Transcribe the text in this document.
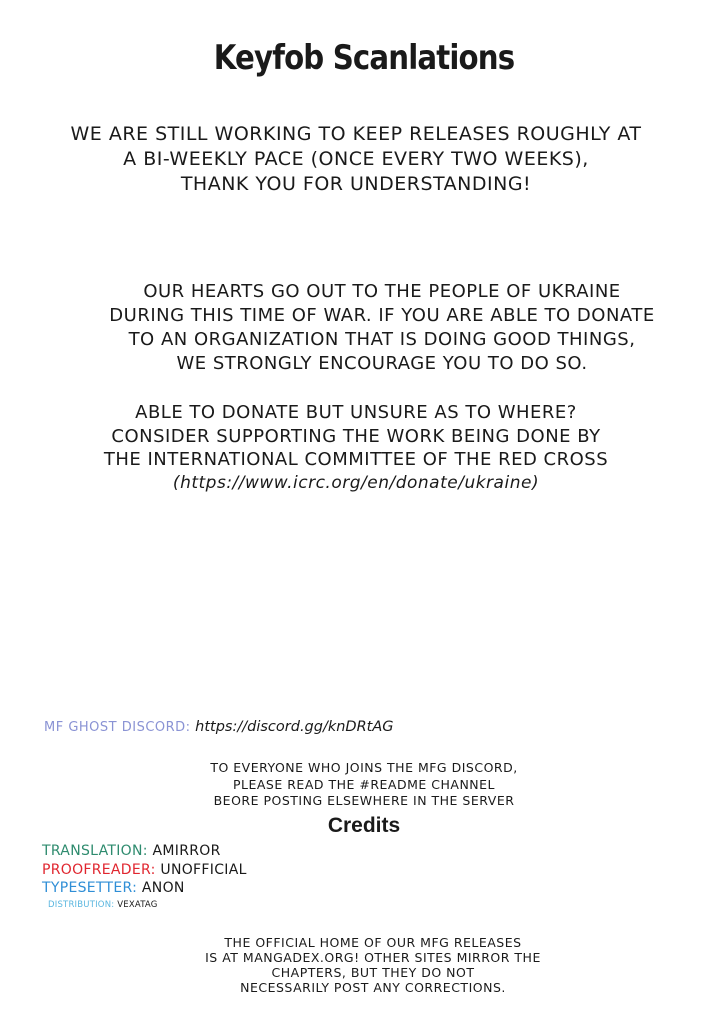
Keyfob Scanlations
WE ARE STILL WORKING TO KEEP RELEASES ROUGHLY AT
A BI-WEEKLY PACE (ONCE EVERY TWO WEEKS),
THANK YOU FOR UNDERSTANDING!
OUR HEARTS GO OUT TO THE PEOPLE OF UKRAINE
DURING THIS TIME OF WAR. IF YOU ARE ABLE TO DONATE
TO AN ORGANIZATION THAT IS DOING GOOD THINGS,
WE STRONGLY ENCOURAGE YOU TO DO SO.
ABLE TO DONATE BUT UNSURE AS TO WHERE?
CONSIDER SUPPORTING THE WORK BEING DONE BY
THE INTERNATIONAL COMMITTEE OF THE RED CROSS
(https://www.icrc.org/en/donate/ukraine)
MF GHOST DISCORD: https://discord.gg/knDRtAG
TO EVERYONE WHO JOINS THE MFG DISCORD,
PLEASE READ THE #README CHANNEL
BEORE POSTING ELSEWHERE IN THE SERVER
Credits
TRANSLATION: AMIRROR
PROOFREADER: UNOFFICIAL
TYPESETTER: ANON
DISTRIBUTION: VEXATAG
THE OFFICIAL HOME OF OUR MFG RELEASES
IS AT MANGADEX.ORG! OTHER SITES MIRROR THE
CHAPTERS, BUT THEY DO NOT
NECESSARILY POST ANY CORRECTIONS.
